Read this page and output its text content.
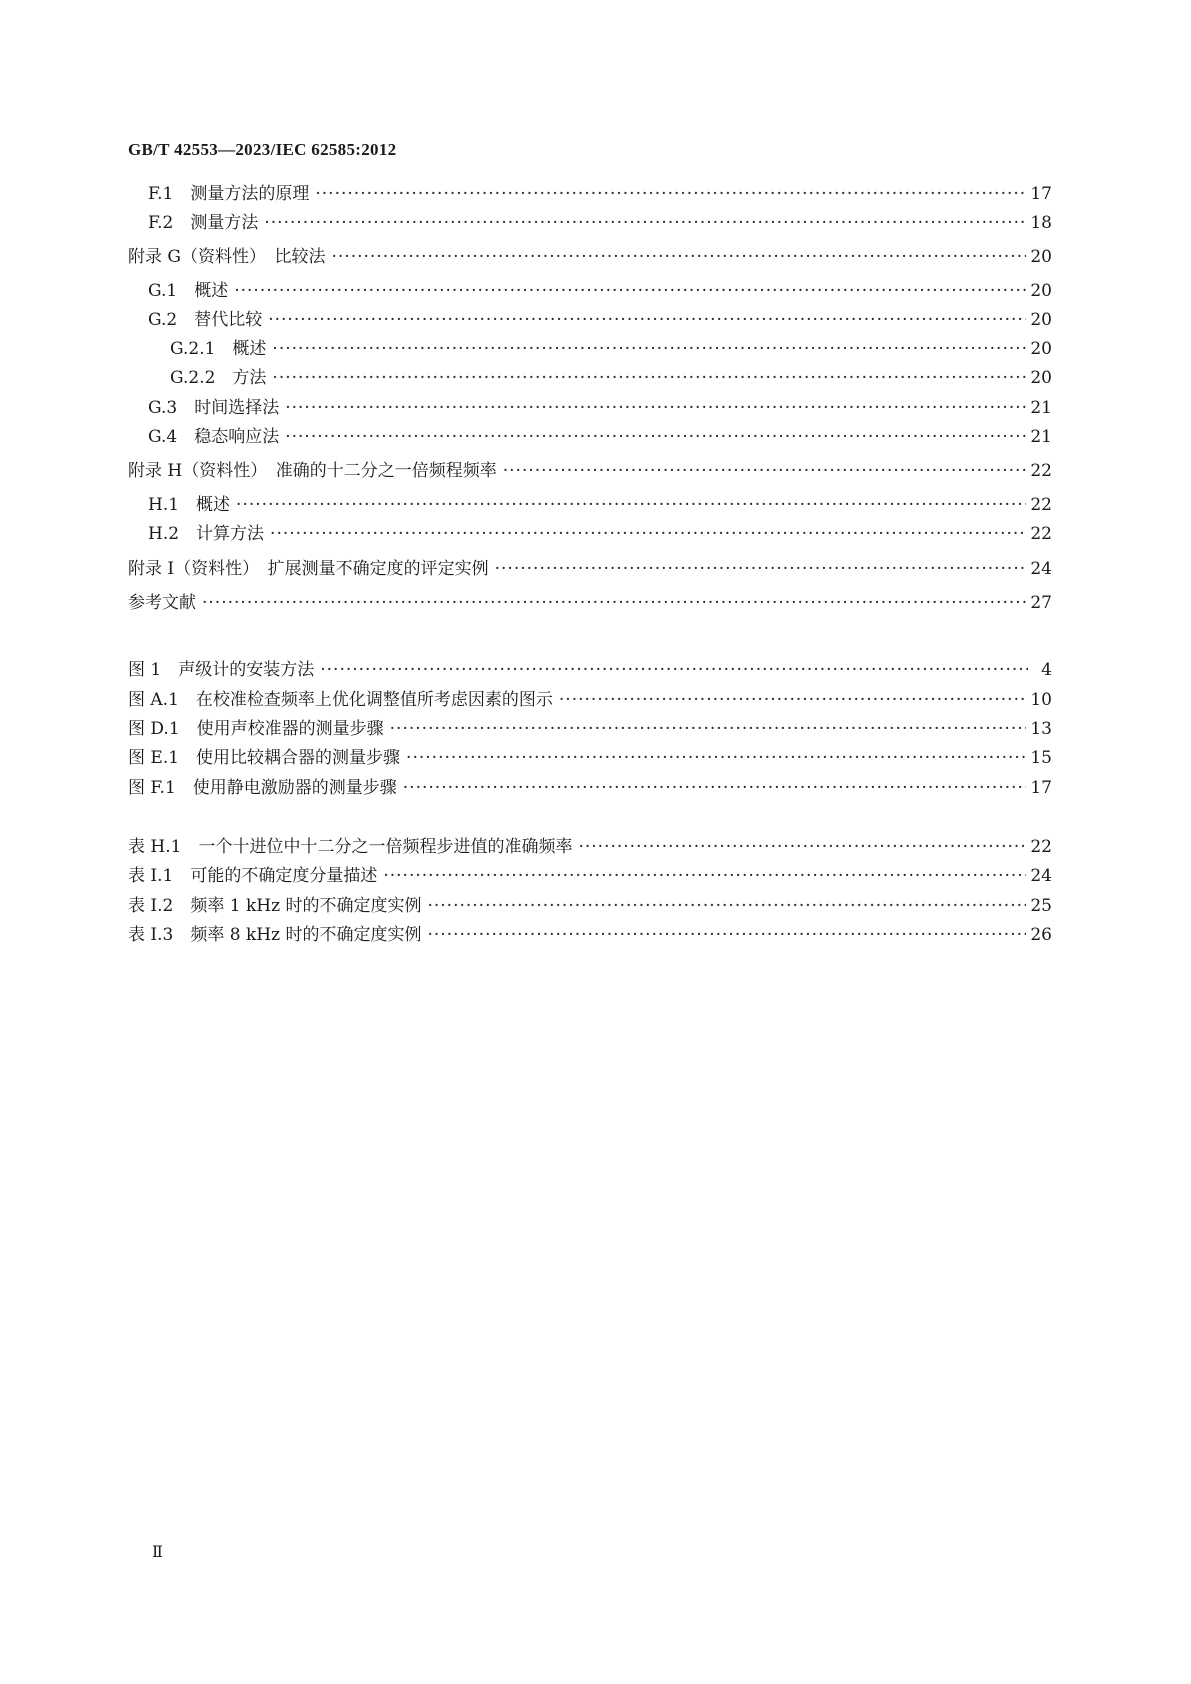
GB/T 42553—2023/IEC 62585:2012
F.1　测量方法的原理 ·····	17
F.2　测量方法 ·····	18
附录 G（资料性）　比较法 ·····	20
G.1　概述 ·····	20
G.2　替代比较 ·····	20
G.2.1　概述 ·····	20
G.2.2　方法 ·····	20
G.3　时间选择法 ·····	21
G.4　稳态响应法 ·····	21
附录 H（资料性）　准确的十二分之一倍频程频率 ·····	22
H.1　概述 ·····	22
H.2　计算方法 ·····	22
附录 I（资料性）　扩展测量不确定度的评定实例 ·····	24
参考文献 ·····	27
图 1　声级计的安装方法 ·····	4
图 A.1　在校准检查频率上优化调整值所考虑因素的图示 ·····	10
图 D.1　使用声校准器的测量步骤 ·····	13
图 E.1　使用比较耦合器的测量步骤 ·····	15
图 F.1　使用静电激励器的测量步骤 ·····	17
表 H.1　一个十进位中十二分之一倍频程步进值的准确频率 ·····	22
表 I.1　可能的不确定度分量描述 ·····	24
表 I.2　频率 1 kHz 时的不确定度实例 ·····	25
表 I.3　频率 8 kHz 时的不确定度实例 ·····	26
Ⅱ
